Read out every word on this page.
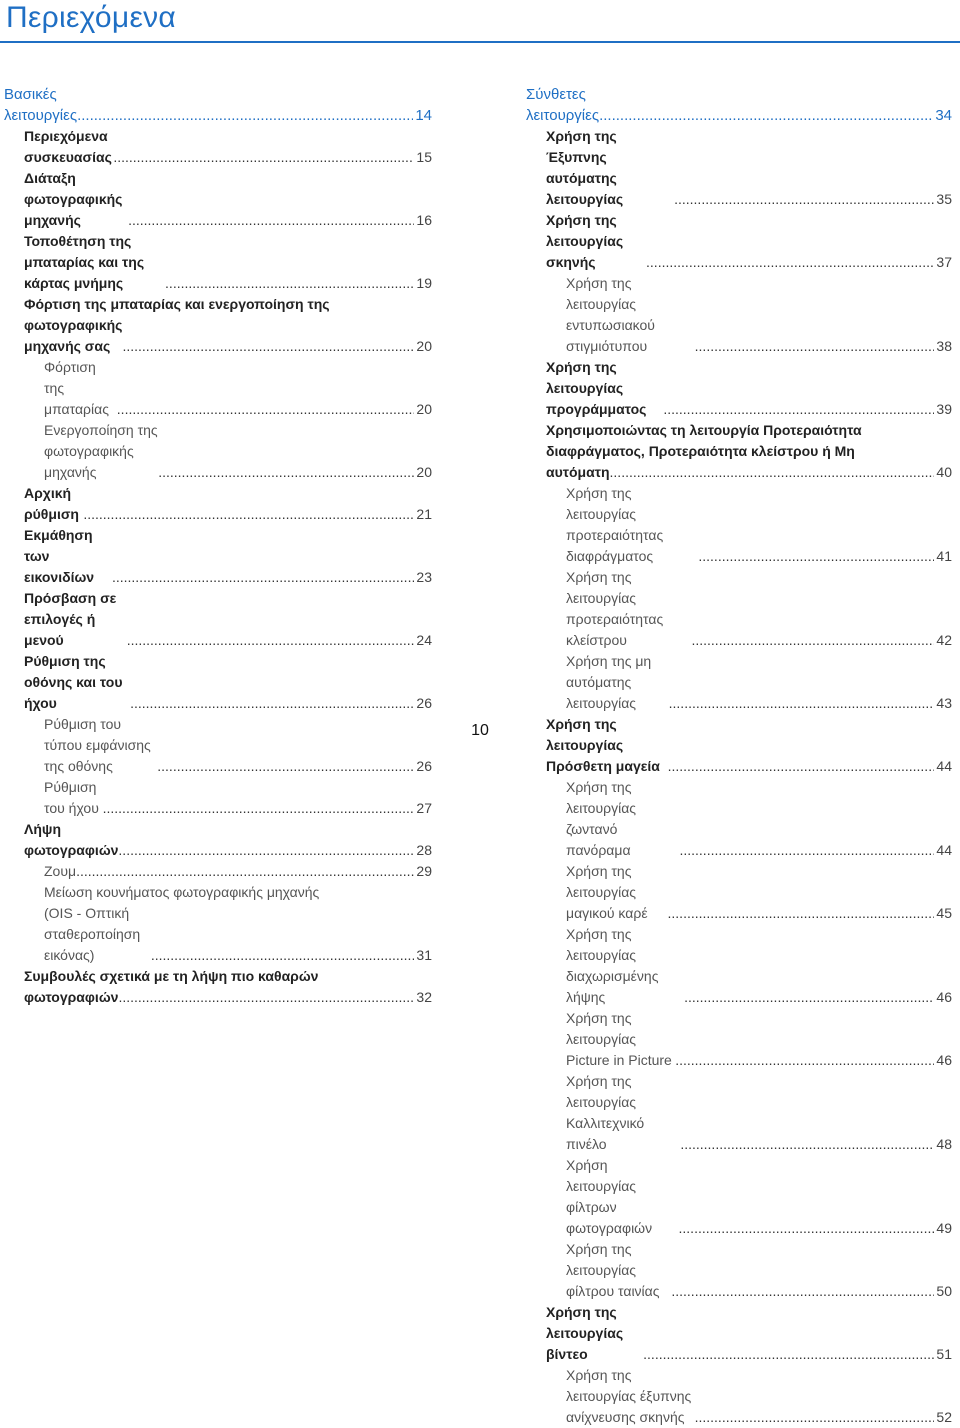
Περιεχόμενα
Βασικές λειτουργίες .....	14
Περιεχόμενα συσκευασίας .....	15
Διάταξη φωτογραφικής μηχανής .....	16
Τοποθέτηση της μπαταρίας και της κάρτας μνήμης .....	19
Φόρτιση της μπαταρίας και ενεργοποίηση της
φωτογραφικής μηχανής σας .....	20
Φόρτιση της μπαταρίας .....	20
Ενεργοποίηση της φωτογραφικής μηχανής .....	20
Αρχική ρύθμιση .....	21
Εκμάθηση των εικονιδίων .....	23
Πρόσβαση σε επιλογές ή μενού .....	24
Ρύθμιση της οθόνης και του ήχου .....	26
Ρύθμιση του τύπου εμφάνισης της οθόνης .....	26
Ρύθμιση του ήχου .....	27
Λήψη φωτογραφιών .....	28
Ζουμ .....	29
Μείωση κουνήματος φωτογραφικής μηχανής
(OIS - Οπτική σταθεροποίηση εικόνας) .....	31
Συμβουλές σχετικά με τη λήψη πιο καθαρών
φωτογραφιών .....	32
Σύνθετες λειτουργίες .....	34
Χρήση της Έξυπνης αυτόματης λειτουργίας .....	35
Χρήση της λειτουργίας σκηνής .....	37
Χρήση της λειτουργίας εντυπωσιακού στιγμιότυπου .....	38
Χρήση της λειτουργίας προγράμματος .....	39
Χρησιμοποιώντας τη λειτουργία Προτεραιότητα
διαφράγματος, Προτεραιότητα κλείστρου ή Μη
αυτόματη .....	40
Χρήση της λειτουργίας προτεραιότητας διαφράγματος .....	41
Χρήση της λειτουργίας προτεραιότητας κλείστρου .....	42
Χρήση της μη αυτόματης λειτουργίας .....	43
Χρήση της λειτουργίας Πρόσθετη μαγεία .....	44
Χρήση της λειτουργίας ζωντανό πανόραμα .....	44
Χρήση της λειτουργίας μαγικού καρέ .....	45
Χρήση της λειτουργίας διαχωρισμένης λήψης .....	46
Χρήση της λειτουργίας Picture in Picture .....	46
Χρήση της λειτουργίας Καλλιτεχνικό πινέλο .....	48
Χρήση λειτουργίας φίλτρων φωτογραφιών .....	49
Χρήση της λειτουργίας φίλτρου ταινίας .....	50
Χρήση της λειτουργίας βίντεο .....	51
Χρήση της λειτουργίας έξυπνης ανίχνευσης σκηνής .....	52
10
